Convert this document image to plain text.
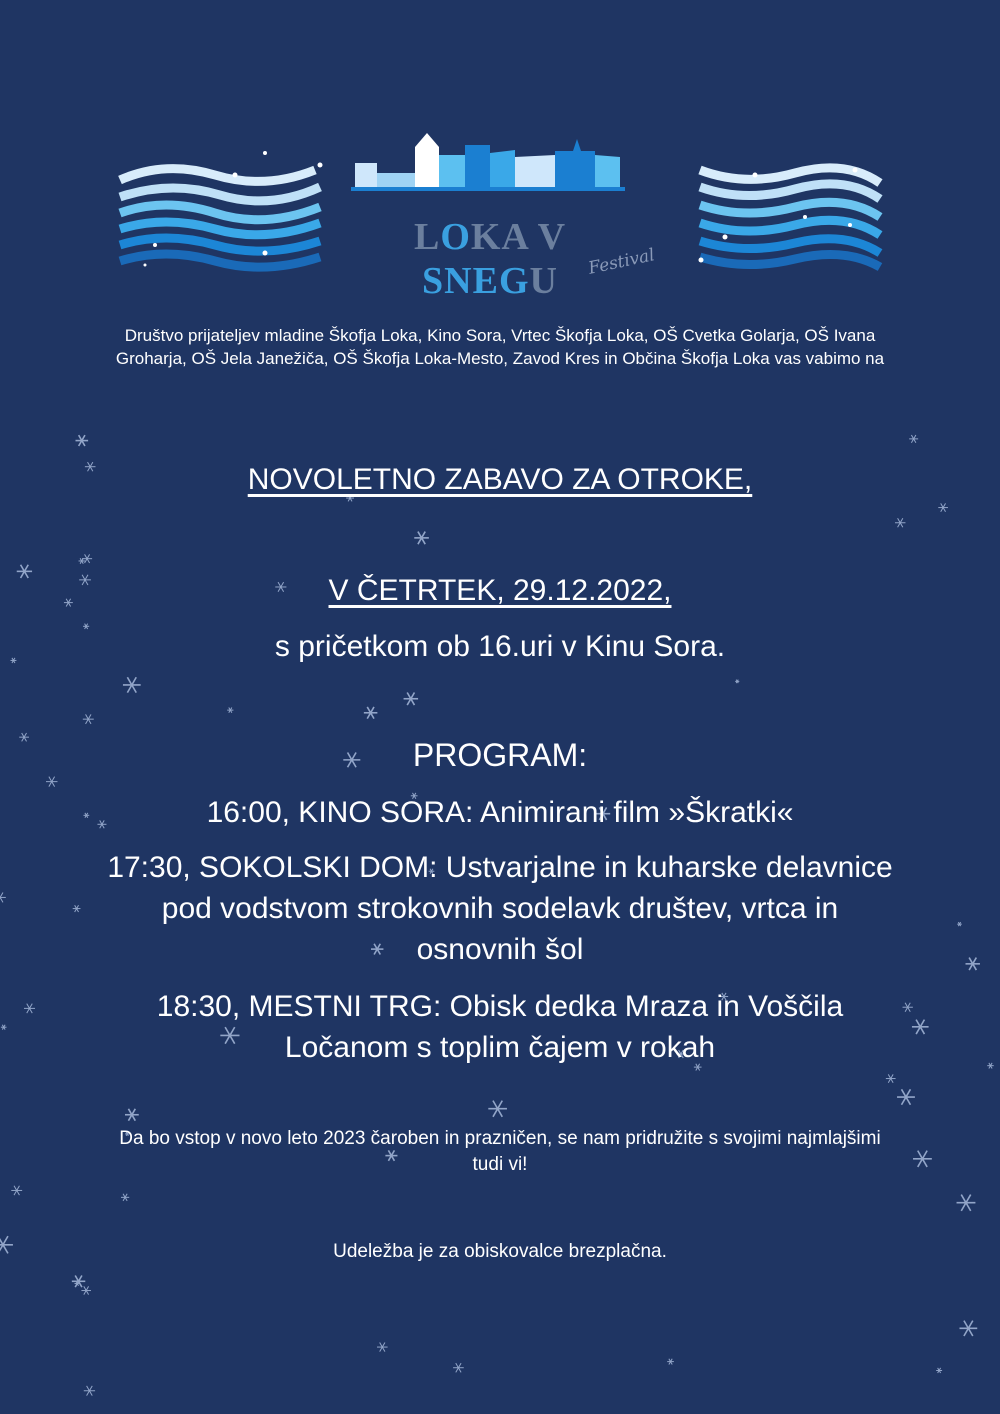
LOKA V SNEGU	Festival
Društvo prijateljev mladine Škofja Loka, Kino Sora, Vrtec Škofja Loka, OŠ Cvetka Golarja, OŠ Ivana Groharja, OŠ Jela Janežiča, OŠ Škofja Loka-Mesto, Zavod Kres in Občina Škofja Loka vas vabimo na
NOVOLETNO ZABAVO ZA OTROKE,
V ČETRTEK, 29.12.2022,
s pričetkom ob 16.uri v Kinu Sora.
PROGRAM:
16:00, KINO SORA: Animirani film »Škratki«
17:30, SOKOLSKI DOM: Ustvarjalne in kuharske delavnice pod vodstvom strokovnih sodelavk društev, vrtca in osnovnih šol
18:30, MESTNI TRG: Obisk dedka Mraza in Voščila Ločanom s toplim čajem v rokah
Da bo vstop v novo leto 2023 čaroben in prazničen, se nam pridružite s svojimi najmlajšimi tudi vi!
Udeležba je za obiskovalce brezplačna.
